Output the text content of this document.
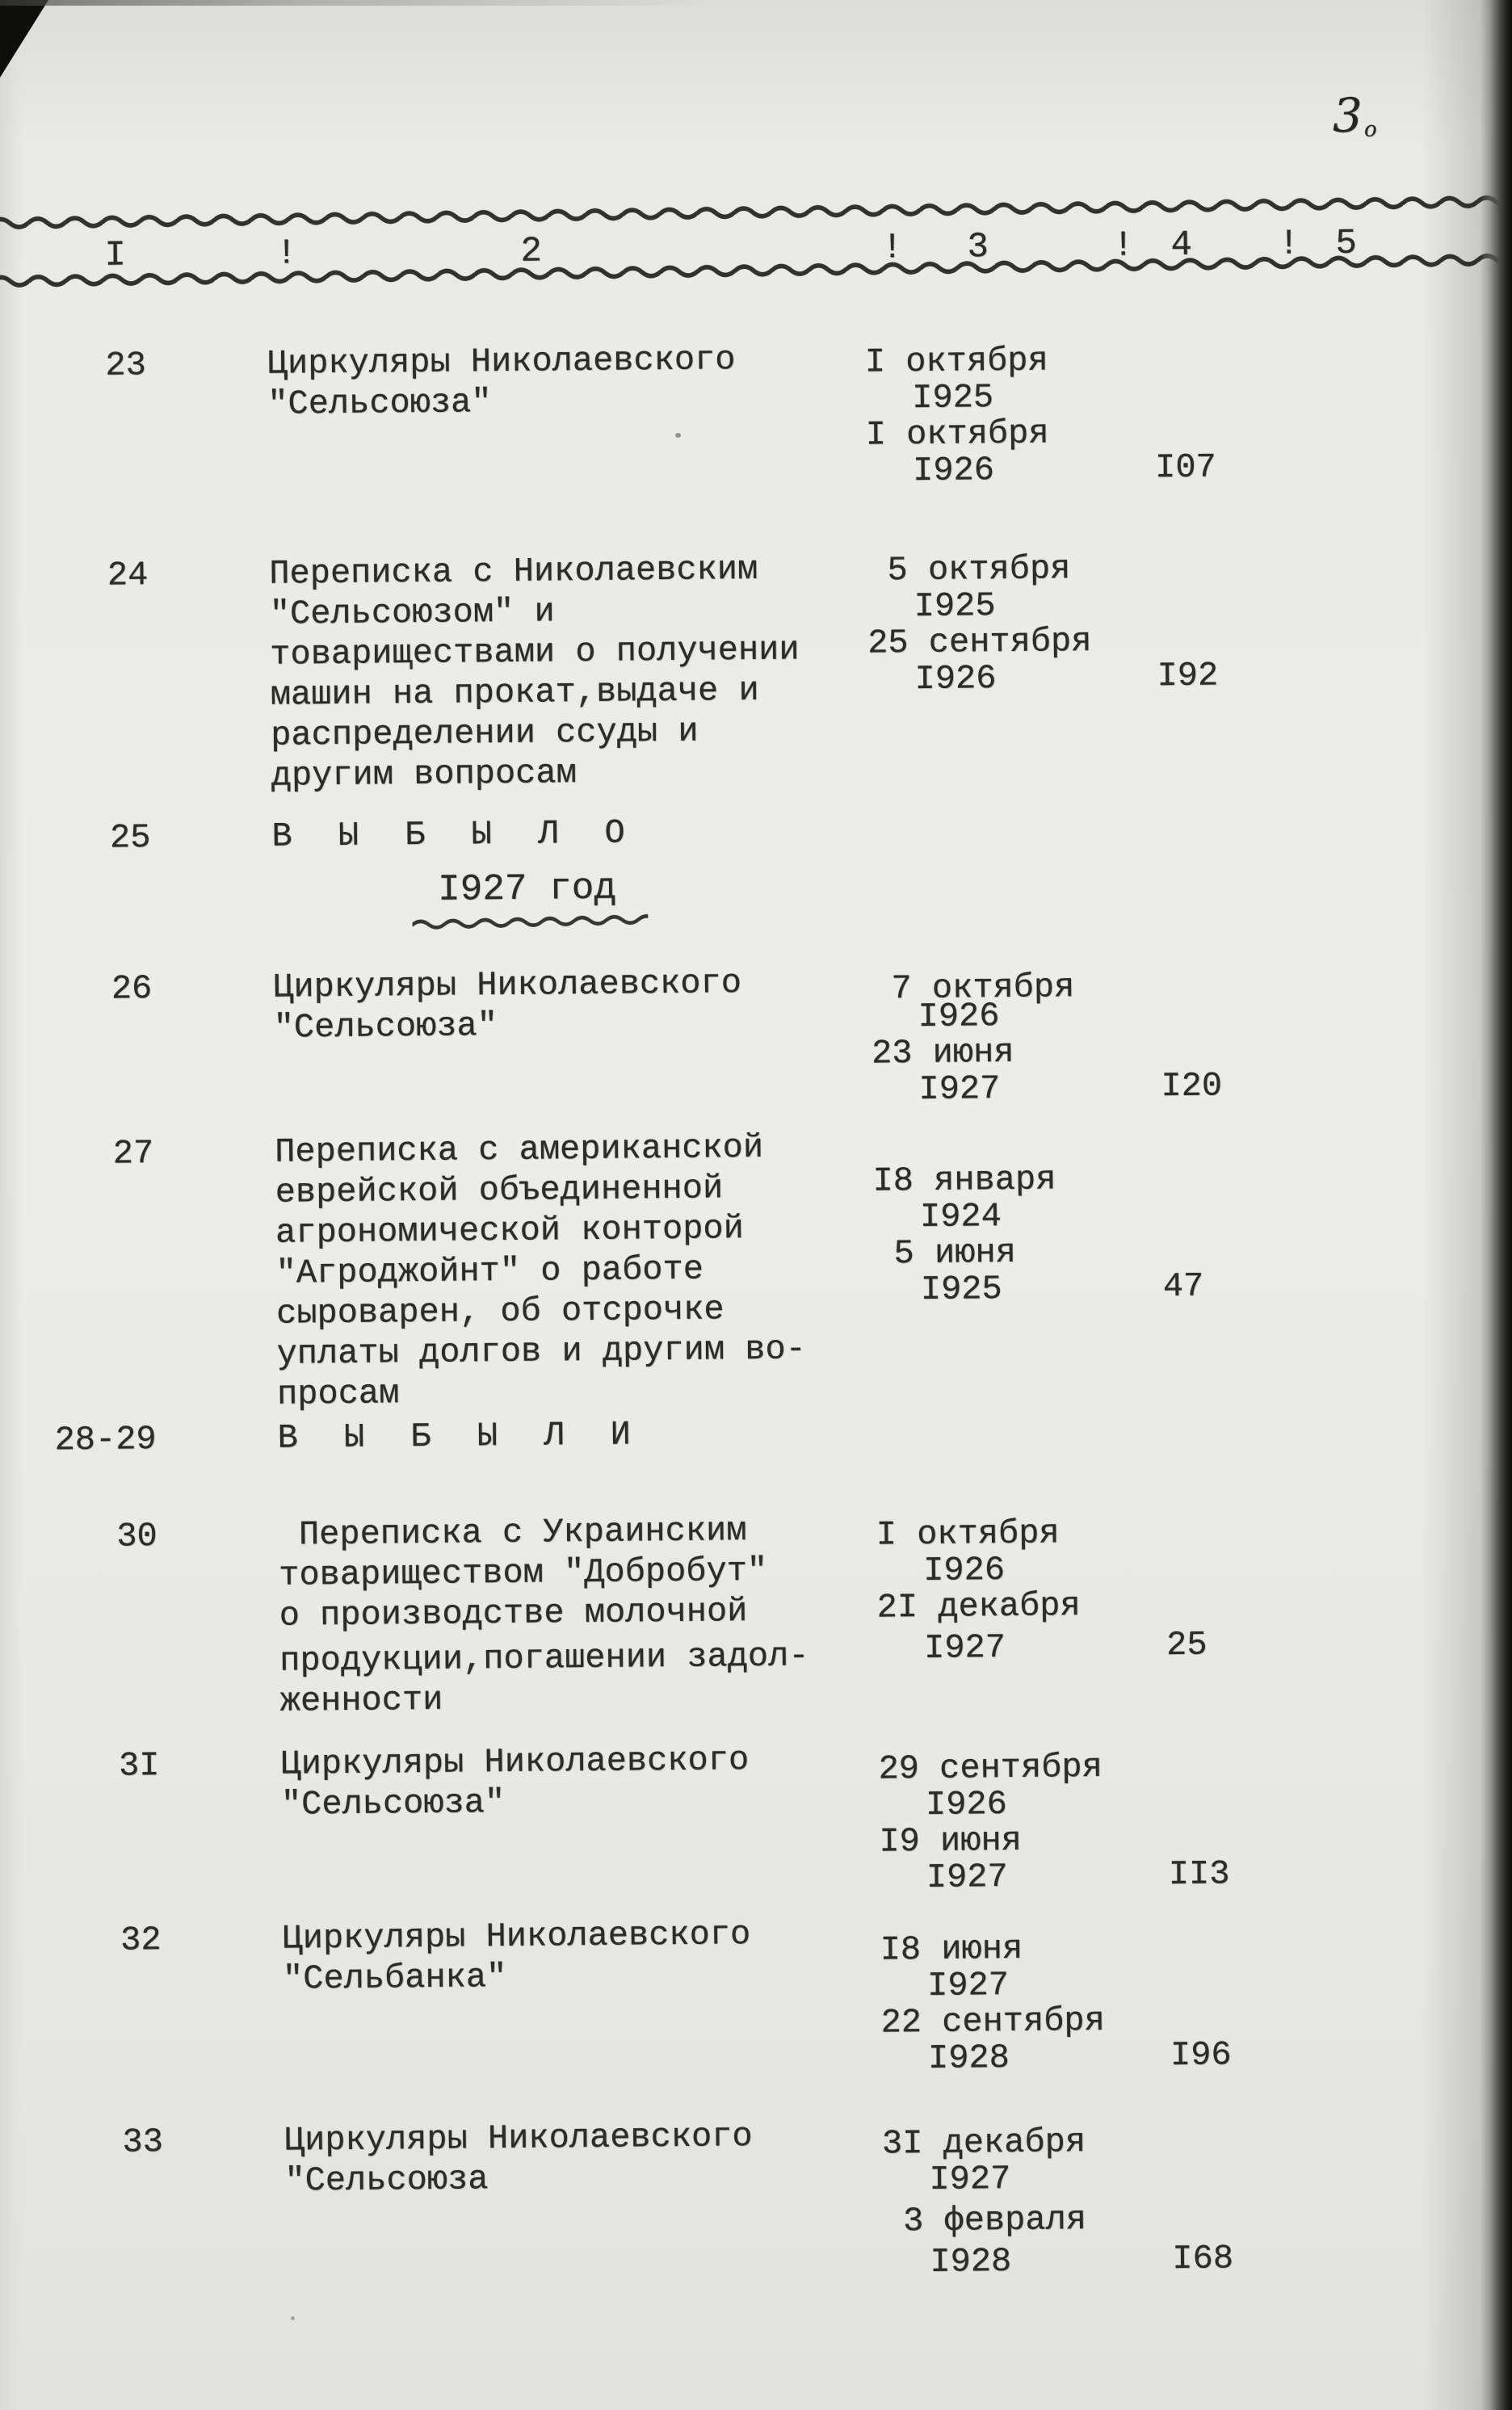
3o
I	!	2	! 3	! 4 ! 5
23	Циркуляры Николаевского
"Сельсоюза"
I октября
I925
I октября
I926	I07
24	Переписка с Николаевским
"Сельсоюзом" и
товариществами о получении
машин на прокат,выдаче и
распределении ссуды и
другим вопросам
5 октября
I925
25 сентября
I926	I92
25	В Ы Б Ы Л О
I927 год
26	Циркуляры Николаевского
"Сельсоюза"
7 октября
I926
23 июня
I927	I20
27	Переписка с американской
еврейской объединенной
агрономической конторой
"Агроджойнт" о работе
сыроварен, об отсрочке
уплаты долгов и другим во-
просам
I8 января
I924
5 июня
I925	47
28-29	В Ы Б Ы Л И
30	Переписка с Украинским
товариществом "Добробут"
о производстве молочной
продукции,погашении задол-
женности
I октября
I926
2I декабря
I927	25
3I	Циркуляры Николаевского
"Сельсоюза"
29 сентября
I926
I9 июня
I927	II3
32	Циркуляры Николаевского
"Сельбанка"
I8 июня
I927
22 сентября
I928	I96
33	Циркуляры Николаевского
"Сельсоюза
3I декабря
I927
3 февраля
I928	I68
